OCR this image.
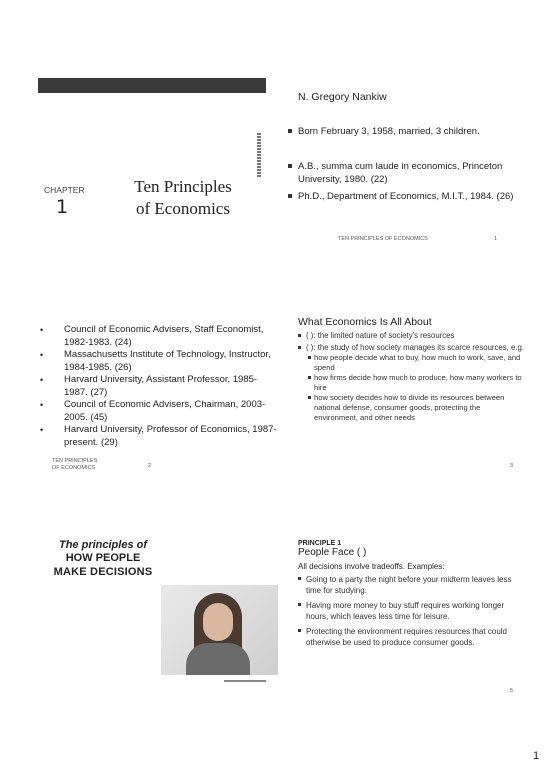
CHAPTER
1
Ten Principles
of Economics
N. Gregory Nankiw
Born February 3, 1958, married, 3 children.
A.B., summa cum laude in economics, Princeton University, 1980. (22)
Ph.D., Department of Economics, M.I.T., 1984. (26)
TEN PRINCIPLES OF ECONOMICS	1
• Council of Economic Advisers, Staff Economist, 1982-1983. (24)
• Massachusetts Institute of Technology, Instructor, 1984-1985. (26)
• Harvard University, Assistant Professor, 1985-1987. (27)
• Council of Economic Advisers, Chairman, 2003-2005. (45)
• Harvard University, Professor of Economics, 1987-present. (29)
TEN PRINCIPLES
OF ECONOMICS	2
What Economics Is All About
( ): the limited nature of society's resources
( ): the study of how society manages its scarce resources, e.g.
how people decide what to buy, how much to work, save, and spend
how firms decide how much to produce, how many workers to hire
how society decides how to divide its resources between national defense, consumer goods, protecting the environment, and other needs
3
The principles of
HOW PEOPLE
MAKE DECISIONS
PRINCIPLE 1
People Face ( )
All decisions involve tradeoffs. Examples:
Going to a party the night before your midterm leaves less time for studying.
Having more money to buy stuff requires working longer hours, which leaves less time for leisure.
Protecting the environment requires resources that could otherwise be used to produce consumer goods.
5
1
